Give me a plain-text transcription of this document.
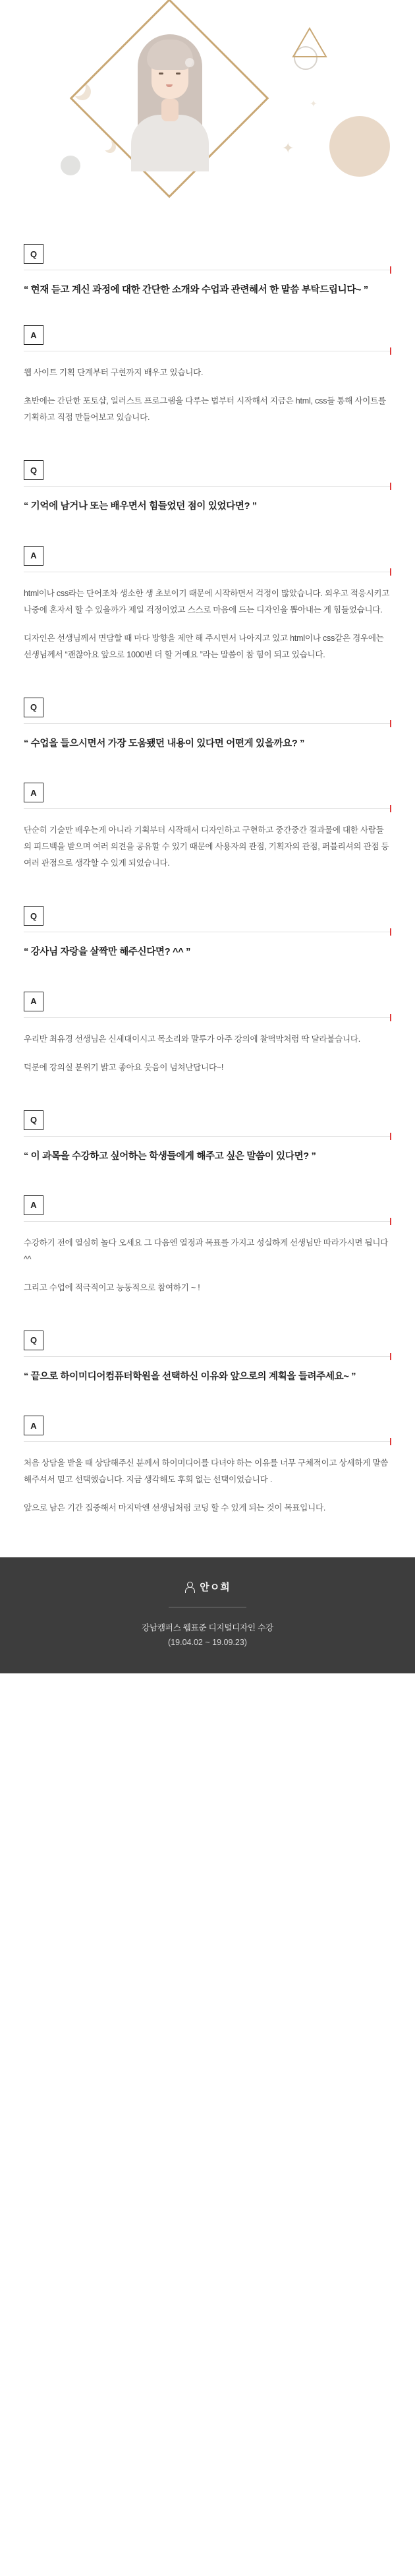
✦
✦
Q

“ 현재 듣고 계신 과정에 대한 간단한 소개와 수업과 관련해서 한 말씀 부탁드립니다~ ”

A

웹 사이트 기획 단계부터 구현까지 배우고 있습니다.

초반에는 간단한 포토샵, 일러스트 프로그램을 다루는 법부터 시작해서 지금은 html, css들 통해 사이트를 기획하고 직접 만들어보고 있습니다.

Q

“ 기억에 남거나 또는 배우면서 힘들었던 점이 있었다면? ”

A

html이나 css라는 단어조차 생소한 생 초보이기 때문에 시작하면서 걱정이 많았습니다. 외우고 적응시키고 나중에 혼자서 할 수 있을까가 제일 걱정이었고 스스로 마음에 드는 디자인을 뽑아내는 게 힘들었습니다.

디자인은 선생님께서 면담할 때 마다 방향을 제안 해 주시면서 나아지고 있고 html이나 css같은 경우에는 선생님께서 “괜찮아요 앞으로 1000번 더 할 거예요 ”라는 말씀이 참 힘이 되고 있습니다.

Q

“ 수업을 들으시면서 가장 도움됐던 내용이 있다면 어떤게 있을까요? ”

A

단순히 기술만 배우는게 아니라 기획부터 시작해서 디자인하고 구현하고 중간중간 결과물에 대한 사람들의 피드백을 받으며 여러 의견을 공유할 수 있기 때문에 사용자의 관점, 기획자의 관점, 퍼블리셔의 관점 등 여러 관점으로 생각할 수 있게 되었습니다.

Q

“ 강사님 자랑을 살짝만 해주신다면? ^^ ”

A

우리반 최유경 선생님은 신세대이시고 목소리와 말투가 아주 강의에 찰떡막처럼 딱 달라붙습니다.

덕분에 강의실 분위기 밝고 좋아요 웃음이 넘쳐난답니다~!

Q

“ 이 과목을 수강하고 싶어하는 학생들에게 해주고 싶은 말씀이 있다면? ”

A

수강하기 전에 열심히 놀다 오세요 그 다음엔 열정과 목표를 가지고 성실하게 선생님만 따라가시면 됩니다 ^^

그리고 수업에 적극적이고 능동적으로 참여하기 ~ !

Q

“ 끝으로 하이미디어컴퓨터학원을 선택하신 이유와 앞으로의 계획을 들려주세요~ ”

A

처음 상담을 받을 때 상담해주신 분께서 하이미디어를 다녀야 하는 이유를 너무 구체적이고 상세하게 말씀해주셔서 믿고 선택했습니다. 지금 생각해도 후회 없는 선택이었습니다 .

앞으로 남은 기간 집중해서 마지막엔 선생님처럼 코딩 할 수 있게 되는 것이 목표입니다.

안ㅇ희
강남캠퍼스 웹표준 디지털디자인 수강
(19.04.02 ~ 19.09.23)
